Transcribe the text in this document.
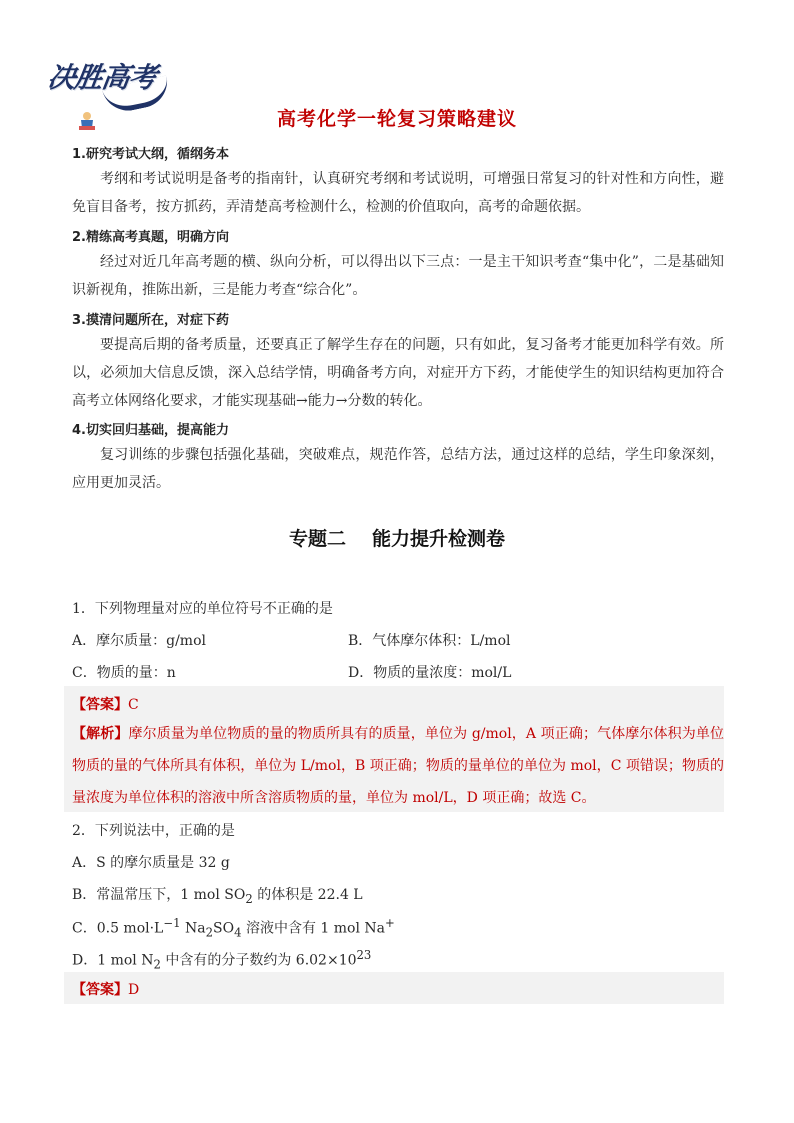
决胜高考
高考化学一轮复习策略建议
1.研究考试大纲，循纲务本
考纲和考试说明是备考的指南针，认真研究考纲和考试说明，可增强日常复习的针对性和方向性，避免盲目备考，按方抓药，弄清楚高考检测什么，检测的价值取向，高考的命题依据。
2.精练高考真题，明确方向
经过对近几年高考题的横、纵向分析，可以得出以下三点：一是主干知识考查“集中化”，二是基础知识新视角，推陈出新，三是能力考查“综合化”。
3.摸清问题所在，对症下药
要提高后期的备考质量，还要真正了解学生存在的问题，只有如此，复习备考才能更加科学有效。所以，必须加大信息反馈，深入总结学情，明确备考方向，对症开方下药，才能使学生的知识结构更加符合高考立体网络化要求，才能实现基础→能力→分数的转化。
4.切实回归基础，提高能力
复习训练的步骤包括强化基础，突破难点，规范作答，总结方法，通过这样的总结，学生印象深刻，应用更加灵活。
专题二 能力提升检测卷
1．下列物理量对应的单位符号不正确的是
A．摩尔质量：g/mol	B．气体摩尔体积：L/mol
C．物质的量：n	D．物质的量浓度：mol/L
【答案】C
【解析】摩尔质量为单位物质的量的物质所具有的质量，单位为 g/mol，A 项正确；气体摩尔体积为单位物质的量的气体所具有体积，单位为 L/mol，B 项正确；物质的量单位的单位为 mol，C 项错误；物质的量浓度为单位体积的溶液中所含溶质物质的量，单位为 mol/L，D 项正确；故选 C。
2．下列说法中，正确的是
A．S 的摩尔质量是 32 g
B．常温常压下，1 mol $SO_2$ 的体积是 22.4 L
C．0.5 $mol\cdot L^{-1}$ $Na_2SO_4$ 溶液中含有 1 mol Na+
D．1 mol $N_2$ 中含有的分子数约为 $6.02\times 10^{23}$
【答案】D
